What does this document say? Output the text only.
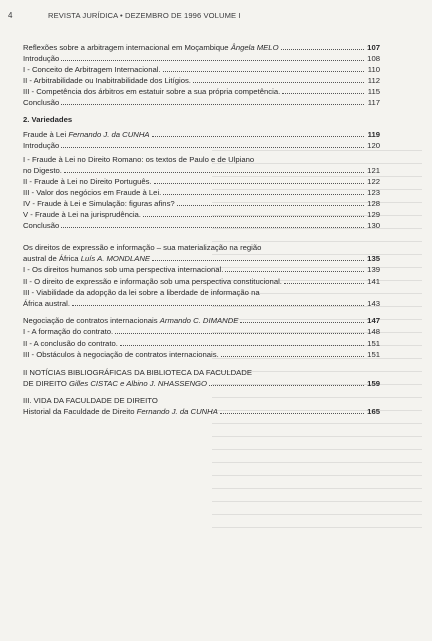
4	REVISTA JURÍDICA • DEZEMBRO DE 1996 VOLUME I
Reflexões sobre a arbitragem internacional em Moçambique Ângela MELO	107
Introdução	108
I - Conceito de Arbitragem Internacional.	110
II - Arbitrabilidade ou Inabitrabilidade dos Litígios.	112
III - Competência dos árbitros em estatuir sobre a sua própria competência.	115
Conclusão	117
2. Variedades
Fraude à Lei Fernando J. da CUNHA	119
Introdução	120
I - Fraude à Lei no Direito Romano: os textos de Paulo e de Ulpiano
no Digesto.	121
II - Fraude à Lei no Direito Português.	122
III - Valor dos negócios em Fraude à Lei.	123
IV - Fraude à Lei e Simulação: figuras afins?	128
V - Fraude à Lei na jurisprudência.	129
Conclusão	130
Os direitos de expressão e informação – sua materialização na região
austral de África Luís A. MONDLANE	135
I - Os direitos humanos sob uma perspectiva internacional.	139
II - O direito de expressão e informação sob uma perspectiva constitucional.	141
III - Viabilidade da adopção da lei sobre a liberdade de informação na
África austral.	143
Negociação de contratos internacionais Armando C. DIMANDE	147
I - A formação do contrato.	148
II - A conclusão do contrato.	151
III - Obstáculos à negociação de contratos internacionais.	151
II NOTÍCIAS BIBLIOGRÁFICAS DA BIBLIOTECA DA FACULDADE
DE DIREITO Gilles CISTAC e Albino J. NHASSENGO	159
III. VIDA DA FACULDADE DE DIREITO
Historial da Faculdade de Direito Fernando J. da CUNHA	165
